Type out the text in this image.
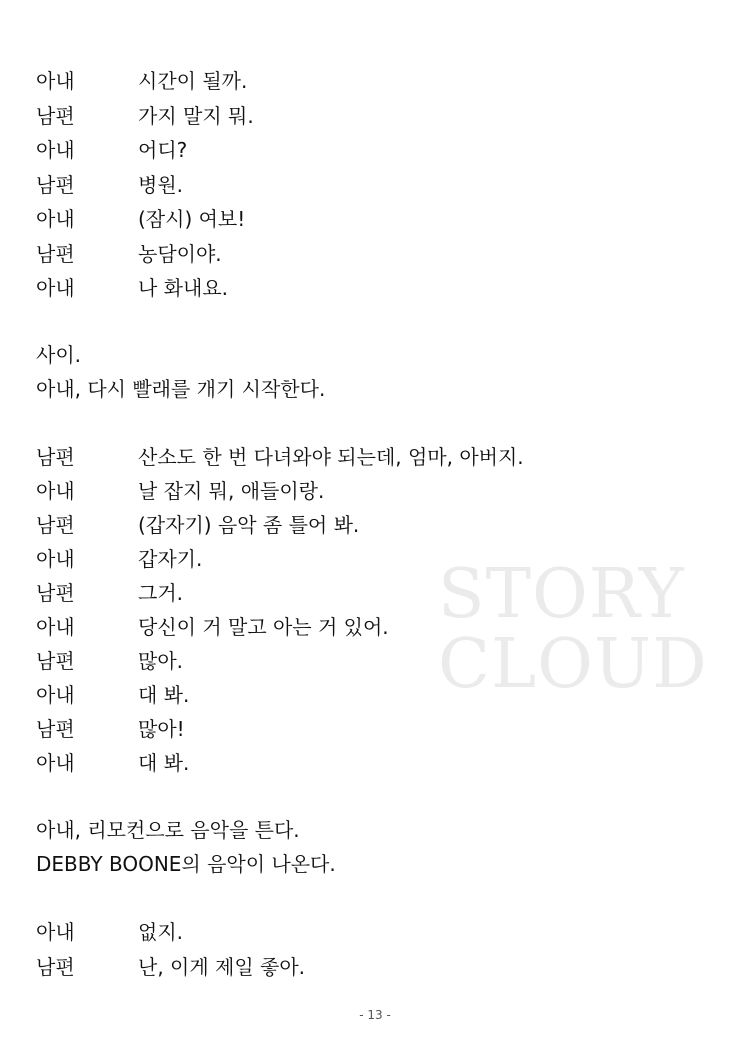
STORY
CLOUD
아내	시간이 될까.
남편	가지 말지 뭐.
아내	어디?
남편	병원.
아내	(잠시) 여보!
남편	농담이야.
아내	나 화내요.
사이.
아내, 다시 빨래를 개기 시작한다.
남편	산소도 한 번 다녀와야 되는데, 엄마, 아버지.
아내	날 잡지 뭐, 애들이랑.
남편	(갑자기) 음악 좀 틀어 봐.
아내	갑자기.
남편	그거.
아내	당신이 거 말고 아는 거 있어.
남편	많아.
아내	대 봐.
남편	많아!
아내	대 봐.
아내, 리모컨으로 음악을 튼다.
DEBBY BOONE의 음악이 나온다.
아내	없지.
남편	난, 이게 제일 좋아.
- 13 -
